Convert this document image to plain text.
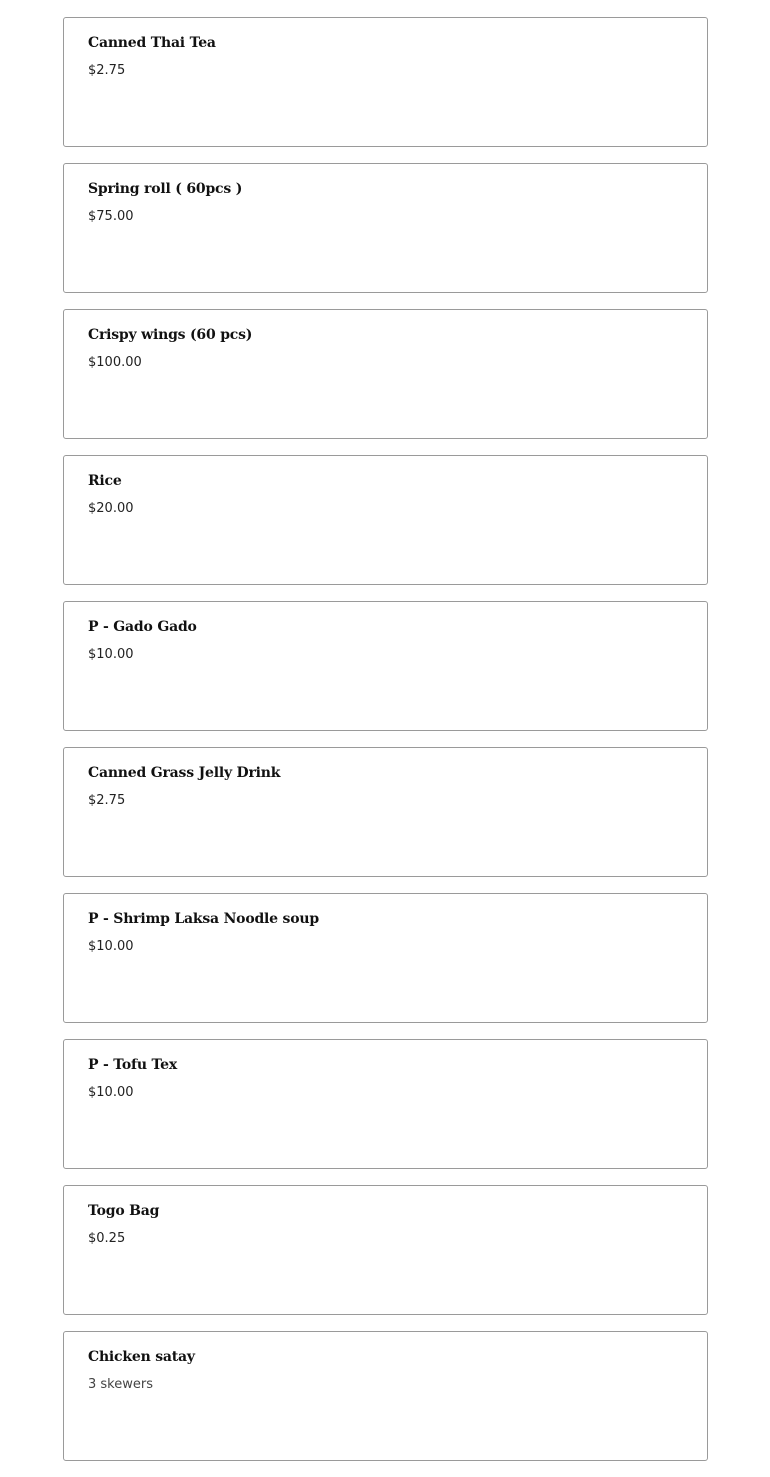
Canned Thai Tea
$2.75
Spring roll ( 60pcs )
$75.00
Crispy wings (60 pcs)
$100.00
Rice
$20.00
P - Gado Gado
$10.00
Canned Grass Jelly Drink
$2.75
P - Shrimp Laksa Noodle soup
$10.00
P - Tofu Tex
$10.00
Togo Bag
$0.25
Chicken satay
3 skewers
